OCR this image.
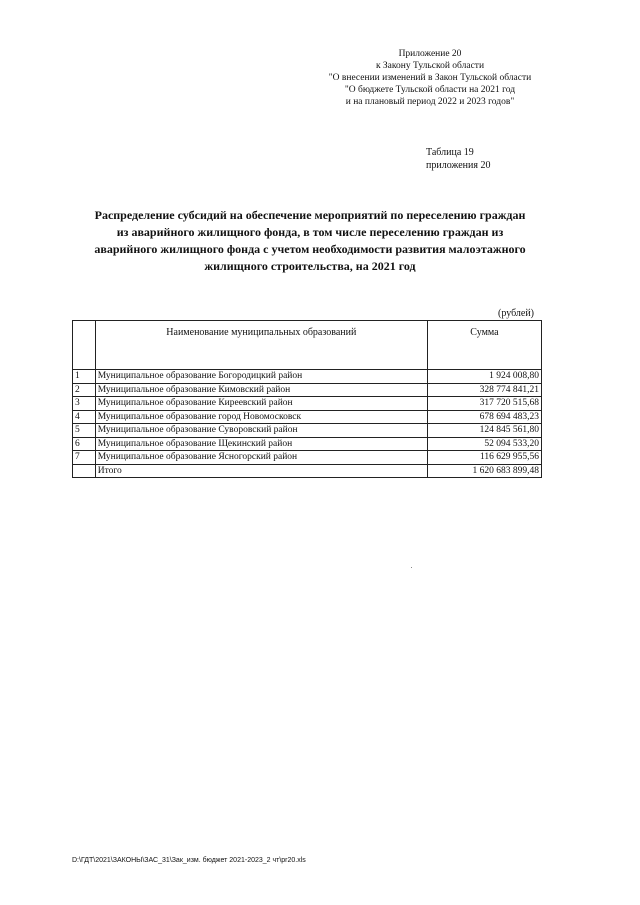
Приложение 20
к Закону Тульской области
"О внесении изменений в Закон Тульской области
"О бюджете Тульской области на 2021 год
и на плановый период 2022 и 2023 годов"
Таблица 19
приложения 20
Распределение субсидий на обеспечение мероприятий по переселению граждан
из аварийного жилищного фонда, в том числе переселению граждан из
аварийного жилищного фонда с учетом необходимости развития малоэтажного
жилищного строительства, на 2021 год
(рублей)
	Наименование муниципальных образований	Сумма
1	Муниципальное образование Богородицкий район	1 924 008,80
2	Муниципальное образование Кимовский район	328 774 841,21
3	Муниципальное образование Киреевский район	317 720 515,68
4	Муниципальное образование город Новомосковск	678 694 483,23
5	Муниципальное образование Суворовский район	124 845 561,80
6	Муниципальное образование Щекинский район	52 094 533,20
7	Муниципальное образование Ясногорский район	116 629 955,56
	Итого	1 620 683 899,48
D:\ГДТ\2021\ЗАКОНЫ\ЗАС_31\Зак_изм. бюджет 2021-2023_2 чт\pr20.xls
